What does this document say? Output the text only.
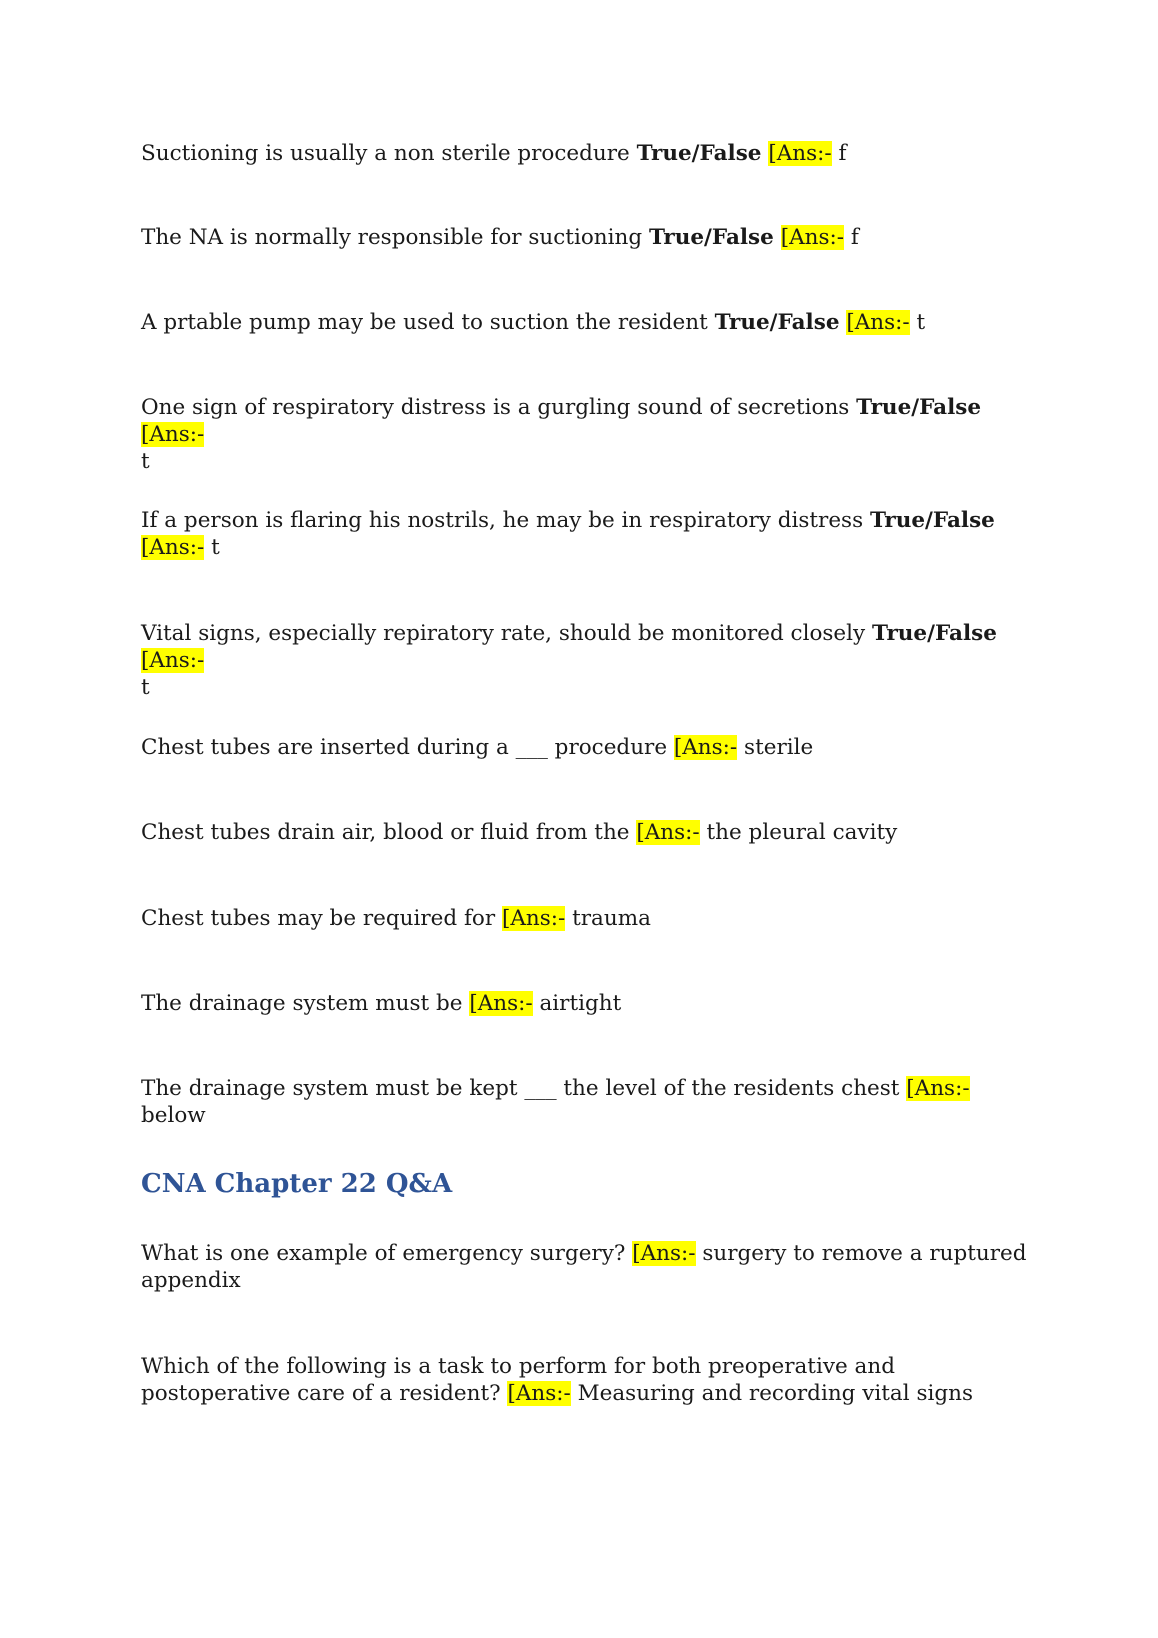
Suctioning is usually a non sterile procedure True/False [Ans:- f

The NA is normally responsible for suctioning True/False [Ans:- f

A prtable pump may be used to suction the resident True/False [Ans:- t

One sign of respiratory distress is a gurgling sound of secretions True/False [Ans:-
t

If a person is flaring his nostrils, he may be in respiratory distress True/False
[Ans:- t

Vital signs, especially repiratory rate, should be monitored closely True/False [Ans:-
t

Chest tubes are inserted during a ___ procedure [Ans:- sterile

Chest tubes drain air, blood or fluid from the [Ans:- the pleural cavity

Chest tubes may be required for [Ans:- trauma

The drainage system must be [Ans:- airtight

The drainage system must be kept ___ the level of the residents chest [Ans:- below

CNA Chapter 22 Q&A

What is one example of emergency surgery? [Ans:- surgery to remove a ruptured appendix

Which of the following is a task to perform for both preoperative and postoperative care of a resident? [Ans:- Measuring and recording vital signs
